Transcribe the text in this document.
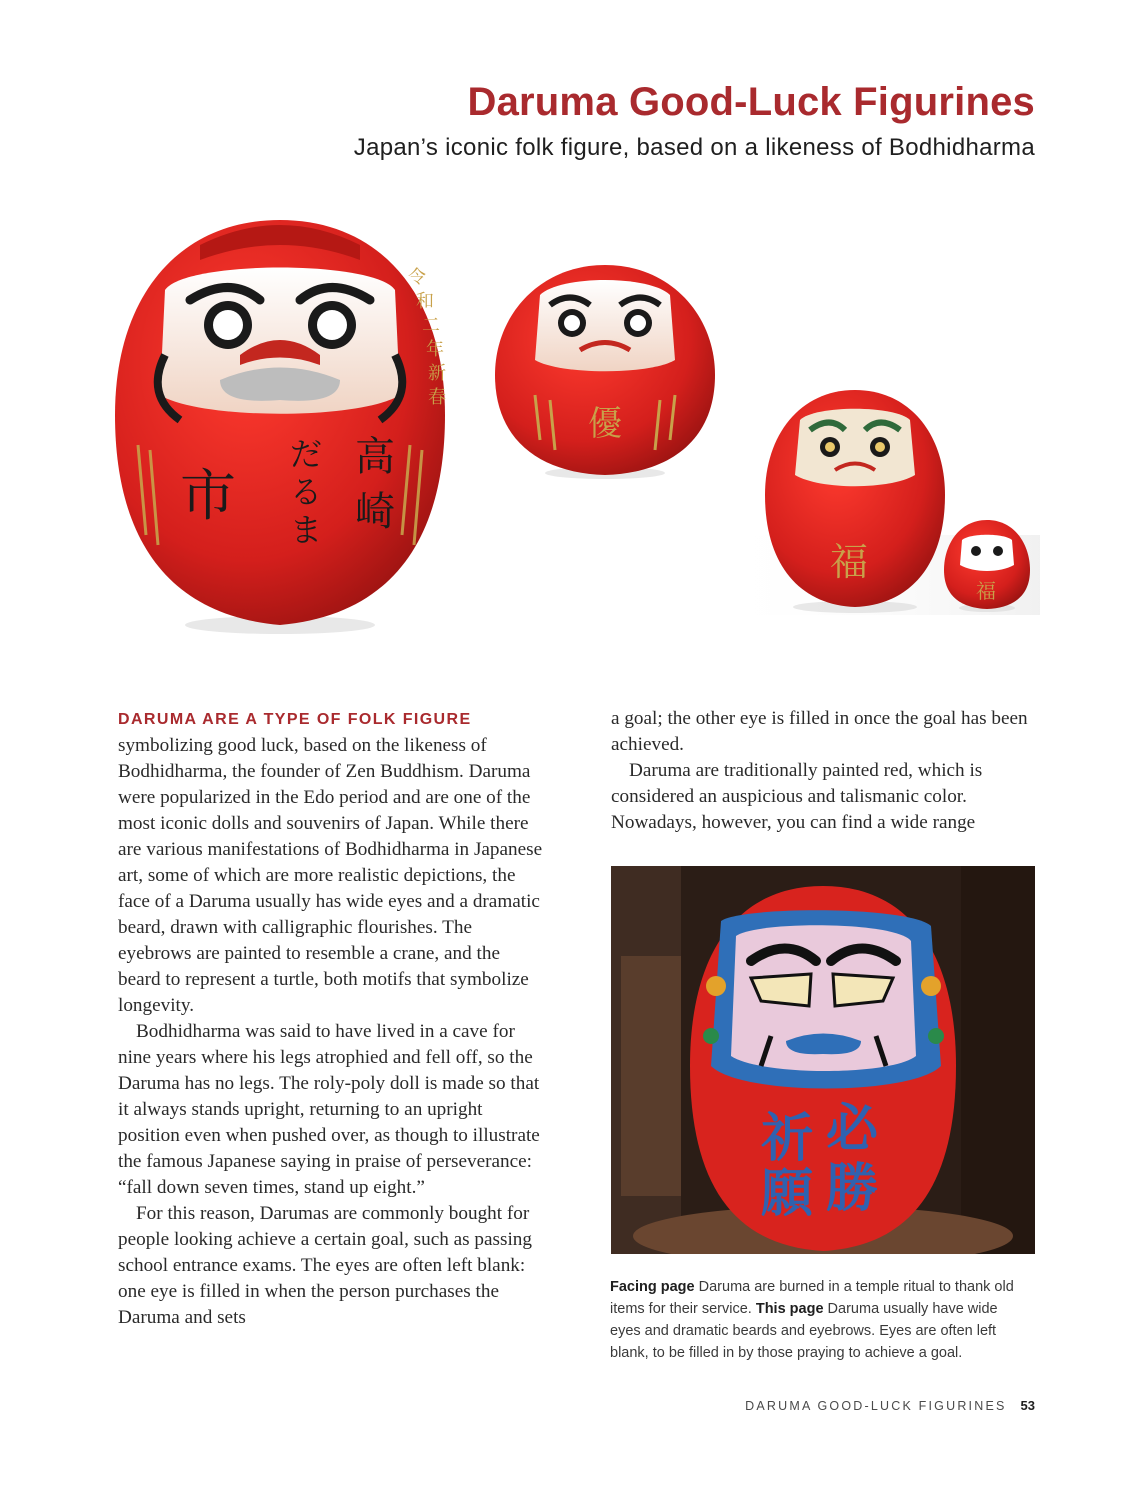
Daruma Good-Luck Figurines

Japan’s iconic folk figure, based on a likeness of Bodhidharma

高
崎
だ
る
ま
市
令
和
二
年
新
春
優
福
福

DARUMA ARE A TYPE OF FOLK FIGURE symbolizing good luck, based on the likeness of Bodhidharma, the founder of Zen Buddhism. Daruma were popularized in the Edo period and are one of the most iconic dolls and souvenirs of Japan. While there are various manifestations of Bodhidharma in Japanese art, some of which are more realistic depictions, the face of a Daruma usually has wide eyes and a dramatic beard, drawn with calligraphic flourishes. The eyebrows are painted to resemble a crane, and the beard to represent a turtle, both motifs that symbolize longevity.

Bodhidharma was said to have lived in a cave for nine years where his legs atrophied and fell off, so the Daruma has no legs. The roly-poly doll is made so that it always stands upright, returning to an upright position even when pushed over, as though to illustrate the famous Japanese saying in praise of perseverance: “fall down seven times, stand up eight.”

For this reason, Darumas are commonly bought for people looking achieve a certain goal, such as passing school entrance exams. The eyes are often left blank: one eye is filled in when the person purchases the Daruma and sets

a goal; the other eye is filled in once the goal has been achieved.

Daruma are traditionally painted red, which is considered an auspicious and talismanic color. Nowadays, however, you can find a wide range

祈 必
願 勝
Facing page Daruma are burned in a temple ritual to thank old items for their service. This page Daruma usually have wide eyes and dramatic beards and eyebrows. Eyes are often left blank, to be filled in by those praying to achieve a goal.
DARUMA GOOD-LUCK FIGURINES 53
